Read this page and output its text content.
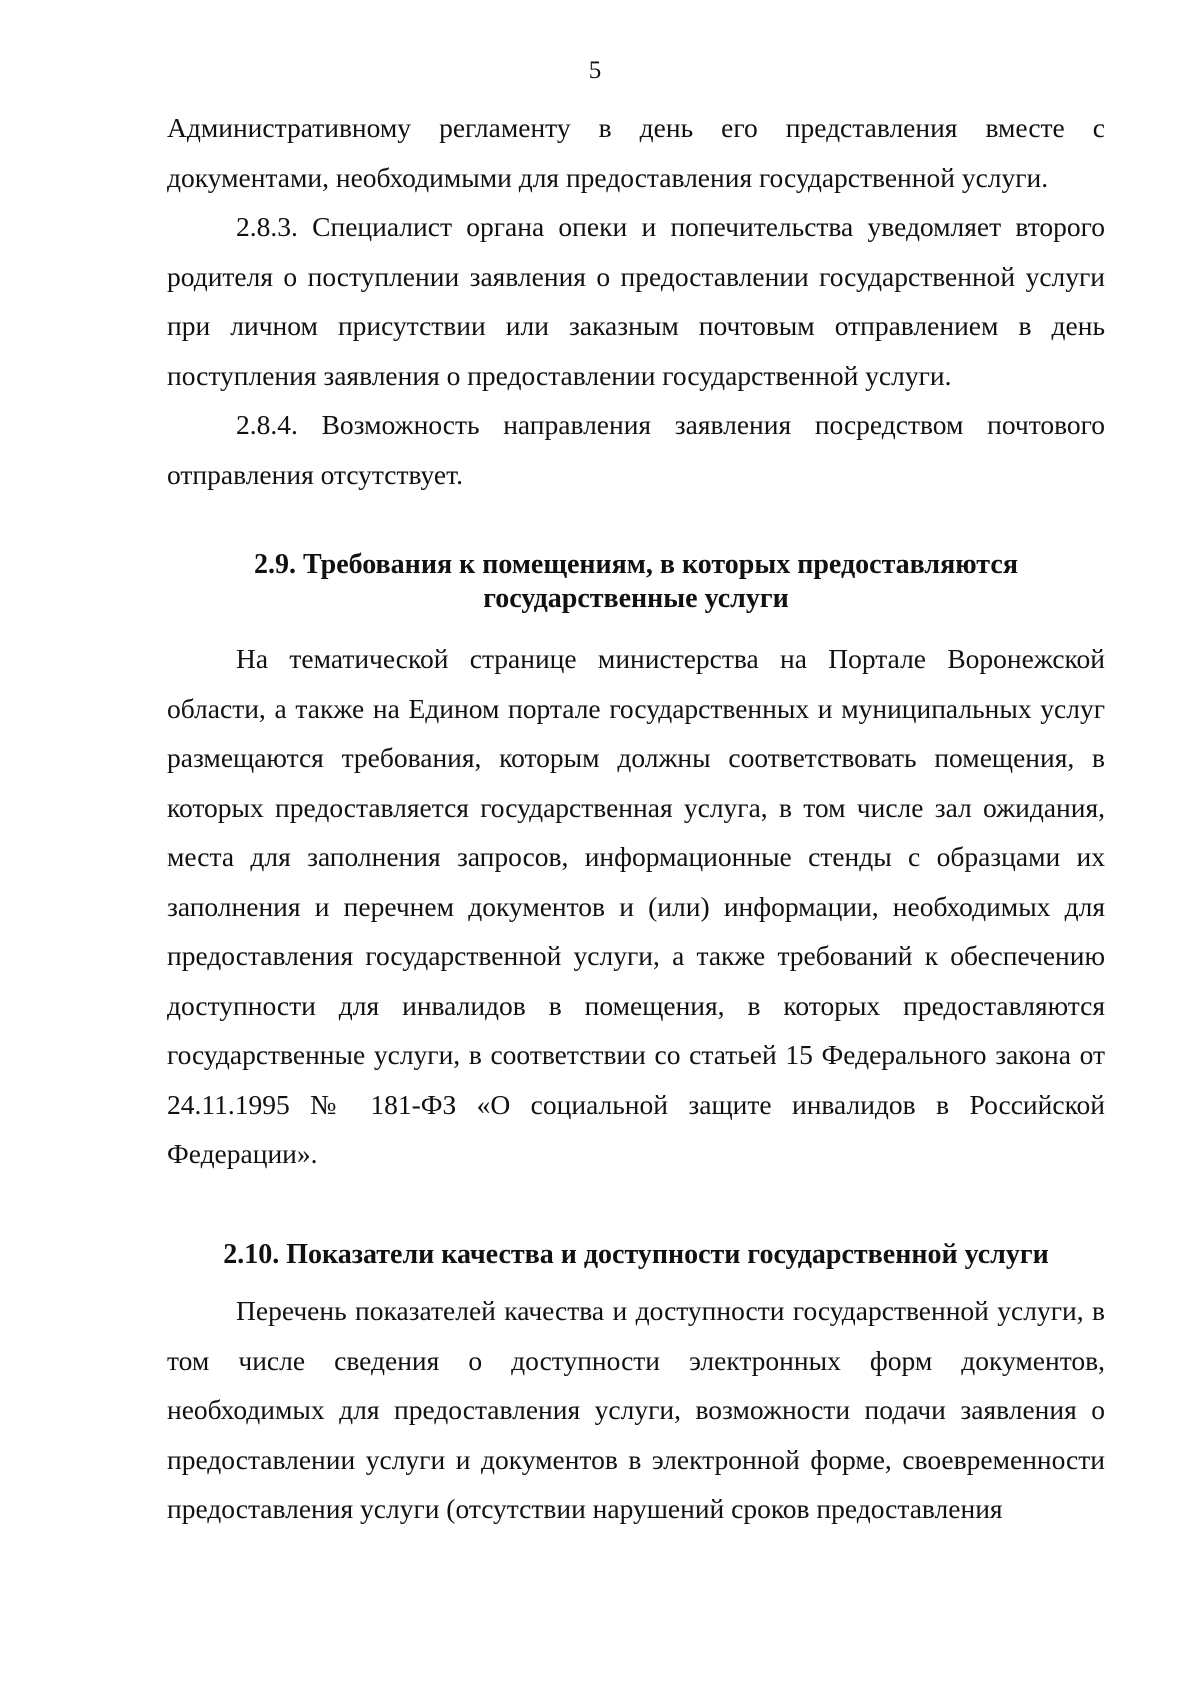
5

Административному регламенту в день его представления вместе с документами, необходимыми для предоставления государственной услуги.

2.8.3. Специалист органа опеки и попечительства уведомляет второго родителя о поступлении заявления о предоставлении государственной услуги при личном присутствии или заказным почтовым отправлением в день поступления заявления о предоставлении государственной услуги.

2.8.4. Возможность направления заявления посредством почтового отправления отсутствует.

2.9. Требования к помещениям, в которых предоставляются
государственные услуги

На тематической странице министерства на Портале Воронежской области, а также на Едином портале государственных и муниципальных услуг размещаются требования, которым должны соответствовать помещения, в которых предоставляется государственная услуга, в том числе зал ожидания, места для заполнения запросов, информационные стенды с образцами их заполнения и перечнем документов и (или) информации, необходимых для предоставления государственной услуги, а также требований к обеспечению доступности для инвалидов в помещения, в которых предоставляются государственные услуги, в соответствии со статьей 15 Федерального закона от 24.11.1995 № 181-ФЗ «О социальной защите инвалидов в Российской Федерации».

2.10. Показатели качества и доступности государственной услуги

Перечень показателей качества и доступности государственной услуги, в том числе сведения о доступности электронных форм документов, необходимых для предоставления услуги, возможности подачи заявления о предоставлении услуги и документов в электронной форме, своевременности предоставления услуги (отсутствии нарушений сроков предоставления
